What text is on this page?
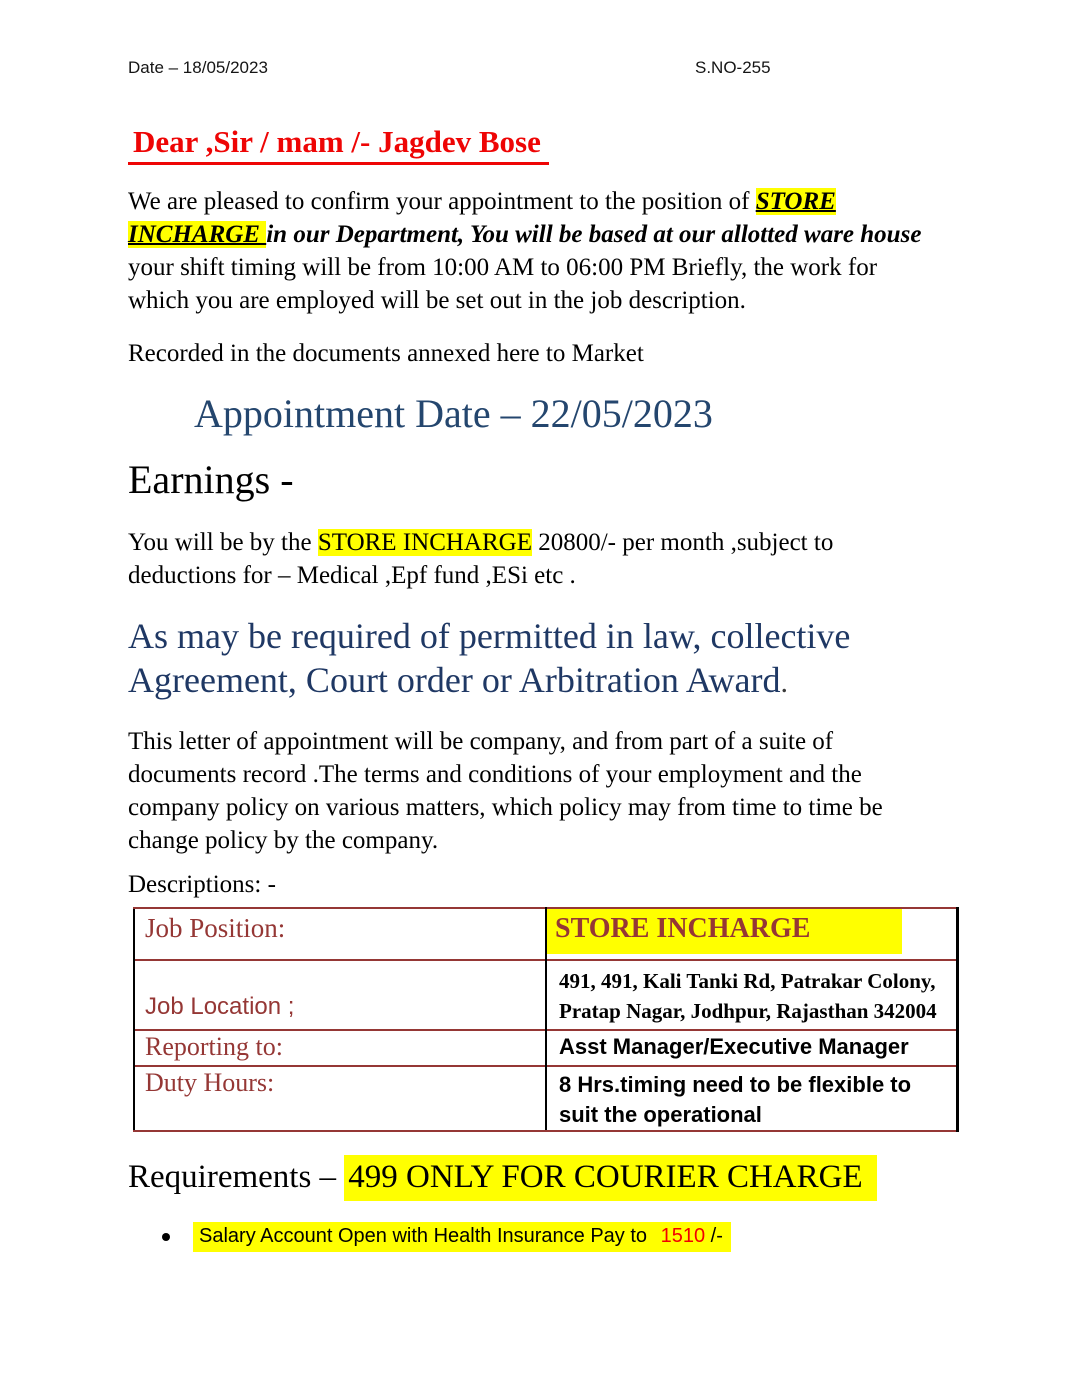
Date – 18/05/2023	S.NO-255
Dear ,Sir / mam /- Jagdev Bose

We are pleased to confirm your appointment to the position of STORE INCHARGE in our Department, You will be based at our allotted ware house your shift timing will be from 10:00 AM to 06:00 PM Briefly, the work for which you are employed will be set out in the job description.

Recorded in the documents annexed here to Market

Appointment Date – 22/05/2023
Earnings -

You will be by the STORE INCHARGE 20800/- per month ,subject to deductions for – Medical ,Epf fund ,ESi etc .

As may be required of permitted in law, collective
Agreement, Court order or Arbitration Award.

This letter of appointment will be company, and from part of a suite of documents record .The terms and conditions of your employment and the company policy on various matters, which policy may from time to time be change policy by the company.

Descriptions: -

Job Position:	STORE INCHARGE
Job Location ;	491, 491, Kali Tanki Rd, Patrakar Colony, Pratap Nagar, Jodhpur, Rajasthan 342004
Reporting to:	Asst Manager/Executive Manager
Duty Hours:	8 Hrs.timing need to be flexible to suit the operational
Requirements – 499 ONLY FOR COURIER CHARGE
Salary Account Open with Health Insurance Pay to 1510 /-
